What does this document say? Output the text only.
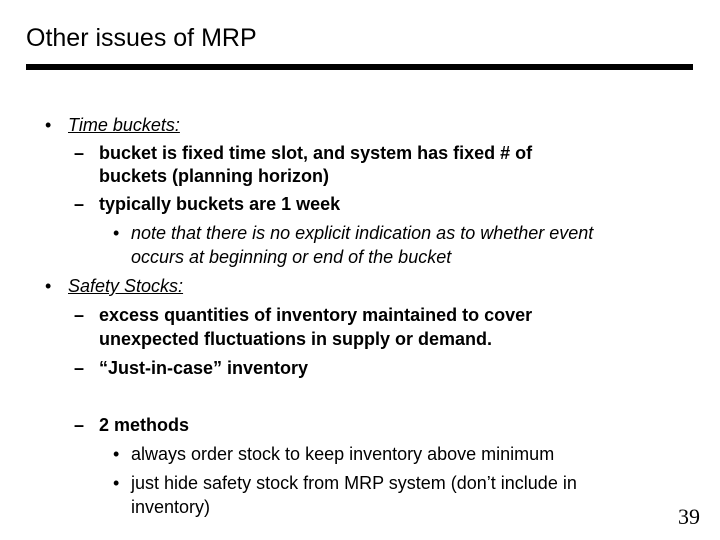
Other issues of MRP
• Time buckets:
– bucket is fixed time slot, and system has fixed # of
buckets (planning horizon)
– typically buckets are 1 week
• note that there is no explicit indication as to whether event
occurs at beginning or end of the bucket
• Safety Stocks:
– excess quantities of inventory maintained to cover
unexpected fluctuations in supply or demand.
– “Just-in-case” inventory
– 2 methods
• always order stock to keep inventory above minimum
• just hide safety stock from MRP system (don’t include in
inventory)	39
